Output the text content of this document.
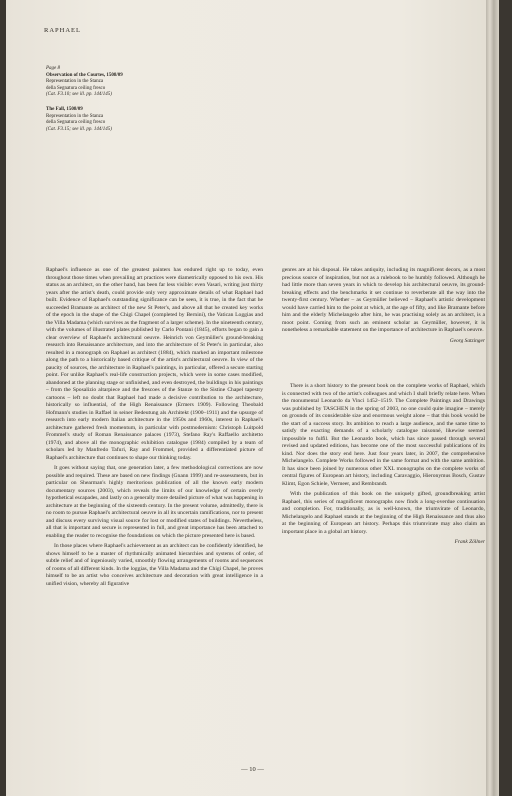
RAPHAEL
Page 8
Observation of the Courtes, 1508/09
Representation in the Stanza
della Segnatura ceiling fresco
(Cat. F3.10; see ill. pp. 144/145)
The Fall, 1508/09
Representation in the Stanza
della Segnatura ceiling fresco
(Cat. F3.15; see ill. pp. 144/145)

Raphael's influence as one of the greatest painters has endured right up to today, even throughout those times when prevailing art practices were diametrically opposed to his own. His status as an architect, on the other hand, has been far less visible: even Vasari, writing just thirty years after the artist's death, could provide only very approximate details of what Raphael had built. Evidence of Raphael's outstanding significance can be seen, it is true, in the fact that he succeeded Bramante as architect of the new St Peter's, and above all that he created key works of the epoch in the shape of the Chigi Chapel (completed by Bernini), the Vatican Loggias and the Villa Madama (which survives as the fragment of a larger scheme). In the nineteenth century, with the volumes of illustrated plates published by Carlo Pontani (1845), efforts began to gain a clear overview of Raphael's architectural oeuvre. Heinrich von Geymüller's ground-breaking research into Renaissance architecture, and into the architecture of St Peter's in particular, also resulted in a monograph on Raphael as architect (1884), which marked an important milestone along the path to a historically based critique of the artist's architectural oeuvre. In view of the paucity of sources, the architecture in Raphael's paintings, in particular, offered a secure starting point. For unlike Raphael's real-life construction projects, which were in some cases modified, abandoned at the planning stage or unfinished, and even destroyed, the buildings in his paintings – from the Sposalizio altarpiece and the frescoes of the Stanze to the Sistine Chapel tapestry cartoons – left no doubt that Raphael had made a decisive contribution to the architecture, historically so influential, of the High Renaissance (Ermers 1909). Following Theobald Hofmann's studies in Raffael in seiner Bedeutung als Architekt (1900–1911) and the upsurge of research into early modern Italian architecture in the 1950s and 1960s, interest in Raphael's architecture gathered fresh momentum, in particular with postmodernism: Christoph Luitpold Frommel's study of Roman Renaissance palaces (1973), Stefano Ray's Raffaello architetto (1974), and above all the monographic exhibition catalogue (1984) compiled by a team of scholars led by Manfredo Tafuri, Ray and Frommel, provided a differentiated picture of Raphael's architecture that continues to shape our thinking today.

It goes without saying that, one generation later, a few methodological corrections are now possible and required. These are based on new findings (Gnann 1999) and re-assessments, but in particular on Shearman's highly meritorious publication of all the known early modern documentary sources (2003), which reveals the limits of our knowledge of certain overly hypothetical escapades, and lastly on a generally more detailed picture of what was happening in architecture at the beginning of the sixteenth century. In the present volume, admittedly, there is no room to pursue Raphael's architectural oeuvre in all its uncertain ramifications, nor to present and discuss every surviving visual source for lost or modified states of buildings. Nevertheless, all that is important and secure is represented in full, and great importance has been attached to enabling the reader to recognise the foundations on which the picture presented here is based.

In those places where Raphael's achievement as an architect can be confidently identified, he shows himself to be a master of rhythmically animated hierarchies and systems of order, of subtle relief and of ingeniously varied, smoothly flowing arrangements of rooms and sequences of rooms of all different kinds. In the loggias, the Villa Madama and the Chigi Chapel, he proves himself to be an artist who conceives architecture and decoration with great intelligence in a unified vision, whereby all figurative

genres are at his disposal. He takes antiquity, including its magnificent decors, as a most precious source of inspiration, but not as a rulebook to be humbly followed. Although he had little more than seven years in which to develop his architectural oeuvre, its ground-breaking effects and the benchmarks it set continue to reverberate all the way into the twenty-first century. Whether – as Geymüller believed – Raphael's artistic development would have carried him to the point at which, at the age of fifty, and like Bramante before him and the elderly Michelangelo after him, he was practising solely as an architect, is a moot point. Coming from such an eminent scholar as Geymüller, however, it is nonetheless a remarkable statement on the importance of architecture in Raphael's oeuvre.

Georg Satzinger

There is a short history to the present book on the complete works of Raphael, which is connected with two of the artist's colleagues and which I shall briefly relate here. When the monumental Leonardo da Vinci 1452–1519. The Complete Paintings and Drawings was published by TASCHEN in the spring of 2003, no one could quite imagine – merely on grounds of its considerable size and enormous weight alone – that this book would be the start of a success story. Its ambition to reach a large audience, and the same time to satisfy the exacting demands of a scholarly catalogue raisonné, likewise seemed impossible to fulfil. But the Leonardo book, which has since passed through several revised and updated editions, has become one of the most successful publications of its kind. Nor does the story end here. Just four years later, in 2007, the comprehensive Michelangelo. Complete Works followed in the same format and with the same ambition. It has since been joined by numerous other XXL monographs on the complete works of central figures of European art history, including Caravaggio, Hieronymus Bosch, Gustav Klimt, Egon Schiele, Vermeer, and Rembrandt.

With the publication of this book on the uniquely gifted, groundbreaking artist Raphael, this series of magnificent monographs now finds a long-overdue continuation and completion. For, traditionally, as is well-known, the triumvirate of Leonardo, Michelangelo and Raphael stands at the beginning of the High Renaissance and thus also at the beginning of European art history. Perhaps this triumvirate may also claim an important place in a global art history.

Frank Zöllner
— 10 —
